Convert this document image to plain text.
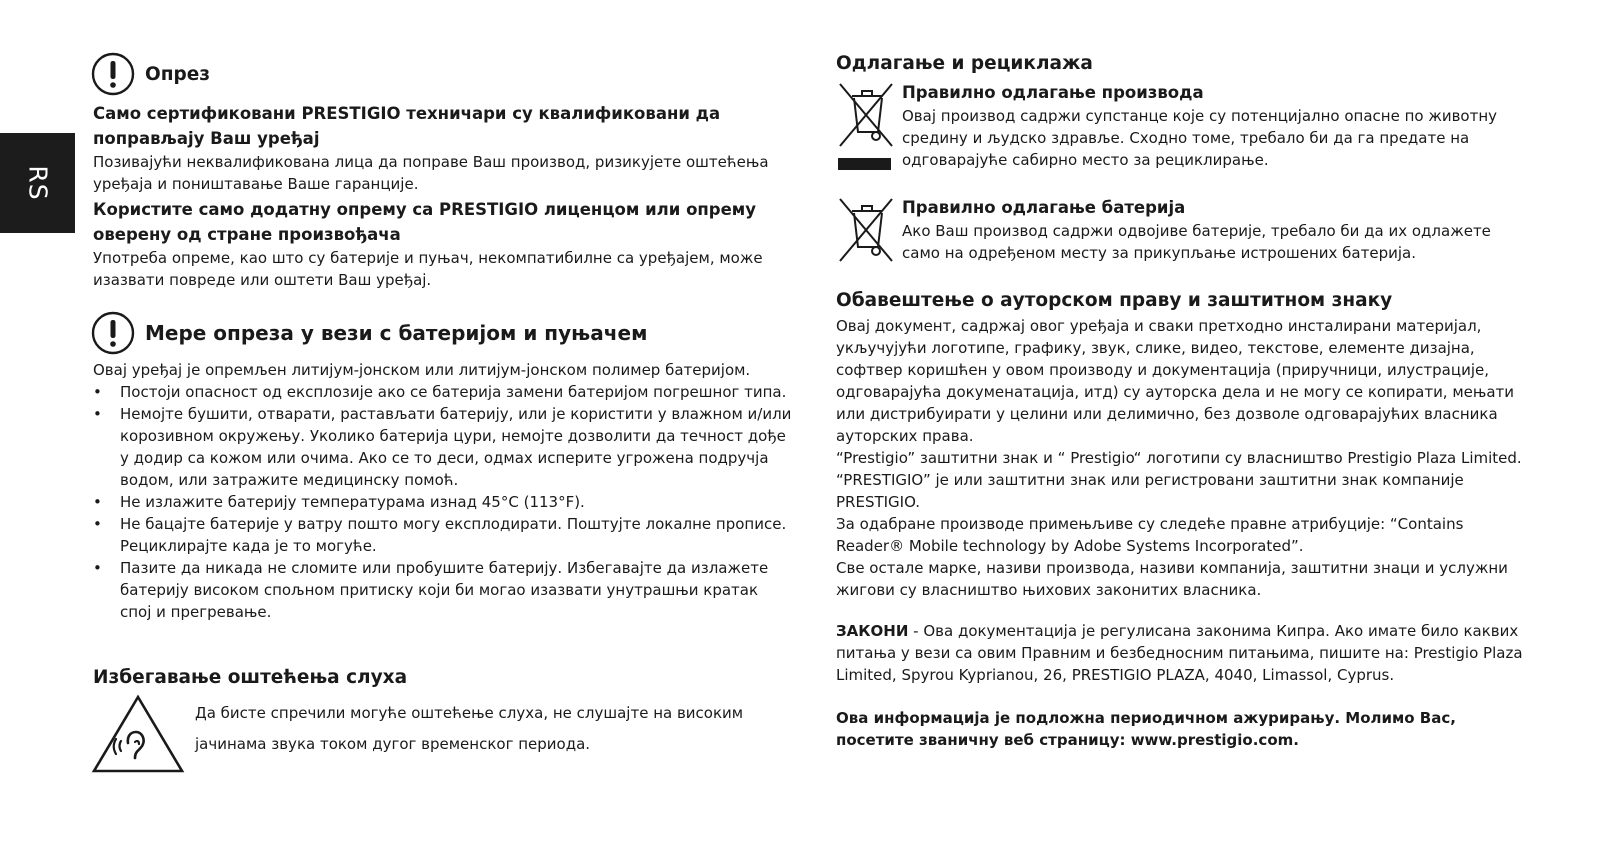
RS
Опрез

Само сертификовани PRESTIGIO техничари су квалификовани да поправљају Ваш уређај

Позивајући неквалификована лица да поправе Ваш производ, ризикујете оштећења уређаја и поништавање Ваше гаранције.

Користите само додатну опрему са PRESTIGIO лиценцом или опрему оверену од стране произвођача

Употреба опреме, као што су батерије и пуњач, некомпатибилне са уређајем, може изазвати повреде или оштети Ваш уређај.

Мере опреза у вези с батеријом и пуњачем

Овај уређај је опремљен литијум-јонском или литијум-јонском полимер батеријом.

• Постоји опасност од експлозије ако се батерија замени батеријом погрешног типа.
• Немојте бушити, отварати, растављати батерију, или је користити у влажном и/или корозивном окружењу. Уколико батерија цури, немојте дозволити да течност дође у додир са кожом или очима. Ако се то деси, одмах исперите угрожена подручја водом, или затражите медицинску помоћ.
• Не излажите батерију температурама изнад 45°C (113°F).
• Не бацајте батерије у ватру пошто могу експлодирати. Поштујте локалне прописе. Рециклирајте када је то могуће.
• Пазите да никада не сломите или пробушите батерију. Избегавајте да излажете батерију високом спољном притиску који би могао изазвати унутрашњи кратак спој и прегревање.

Избегавање оштећења слуха

Да бисте спречили могуће оштећење слуха, не слушајте на високим

јачинама звука током дугог временског периода.

Одлагање и рециклажа

Правилно одлагање производа

Овај производ садржи супстанце које су потенцијално опасне по животну средину и људско здравље. Сходно томе, требало би да га предате на одговарајуће сабирно место за рециклирање.

Правилно одлагање батерија

Ако Ваш производ садржи одвојиве батерије, требало би да их одлажете само на одређеном месту за прикупљање истрошених батерија.

Обавештење о ауторском праву и заштитном знаку

Овај документ, садржај овог уређаја и сваки претходно инсталирани материјал, укључујући логотипе, графику, звук, слике, видео, текстове, елементе дизајна, софтвер коришћен у овом производу и документација (приручници, илустрације, одговарајућа докуменатација, итд) су ауторска дела и не могу се копирати, мењати или дистрибуирати у целини или делимично, без дозволе одговарајућих власника ауторских права.

“Prestigio” заштитни знак и “ Prestigio“ логотипи су власништво Prestigio Plaza Limited. “PRESTIGIO” је или заштитни знак или регистровани заштитни знак компаније PRESTIGIO.

За одабране производе примењљиве су следеће правне атрибуције: “Contains Reader® Mobile technology by Adobe Systems Incorporated”.

Све остале марке, називи производа, називи компанија, заштитни знаци и услужни жигови су власништво њихових законитих власника.

ЗАКОНИ - Ова документација је регулисана законима Кипра. Ако имате било каквих питања у вези са овим Правним и безбедносним питањима, пишите на: Prestigio Plaza Limited, Spyrou Kyprianou, 26, PRESTIGIO PLAZA, 4040, Limassol, Cyprus.

Ова информација је подложна периодичном ажурирању. Молимо Вас, посетите званичну веб страницу: www.prestigio.com.
